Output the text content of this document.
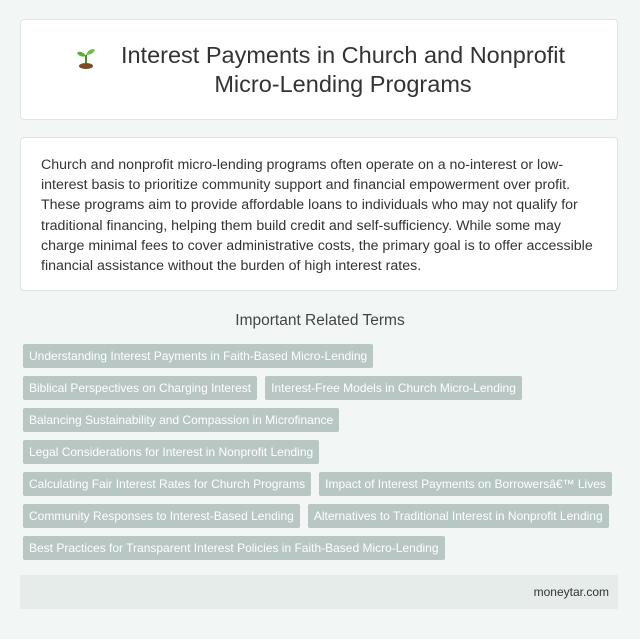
Interest Payments in Church and Nonprofit
Micro-Lending Programs

Church and nonprofit micro-lending programs often operate on a no-interest or low-interest basis to prioritize community support and financial empowerment over profit. These programs aim to provide affordable loans to individuals who may not qualify for traditional financing, helping them build credit and self-sufficiency. While some may charge minimal fees to cover administrative costs, the primary goal is to offer accessible financial assistance without the burden of high interest rates.

Important Related Terms
Understanding Interest Payments in Faith-Based Micro-Lending
Biblical Perspectives on Charging Interest	Interest-Free Models in Church Micro-Lending
Balancing Sustainability and Compassion in Microfinance
Legal Considerations for Interest in Nonprofit Lending
Calculating Fair Interest Rates for Church Programs	Impact of Interest Payments on Borrowersâ€™ Lives
Community Responses to Interest-Based Lending	Alternatives to Traditional Interest in Nonprofit Lending
Best Practices for Transparent Interest Policies in Faith-Based Micro-Lending
moneytar.com
